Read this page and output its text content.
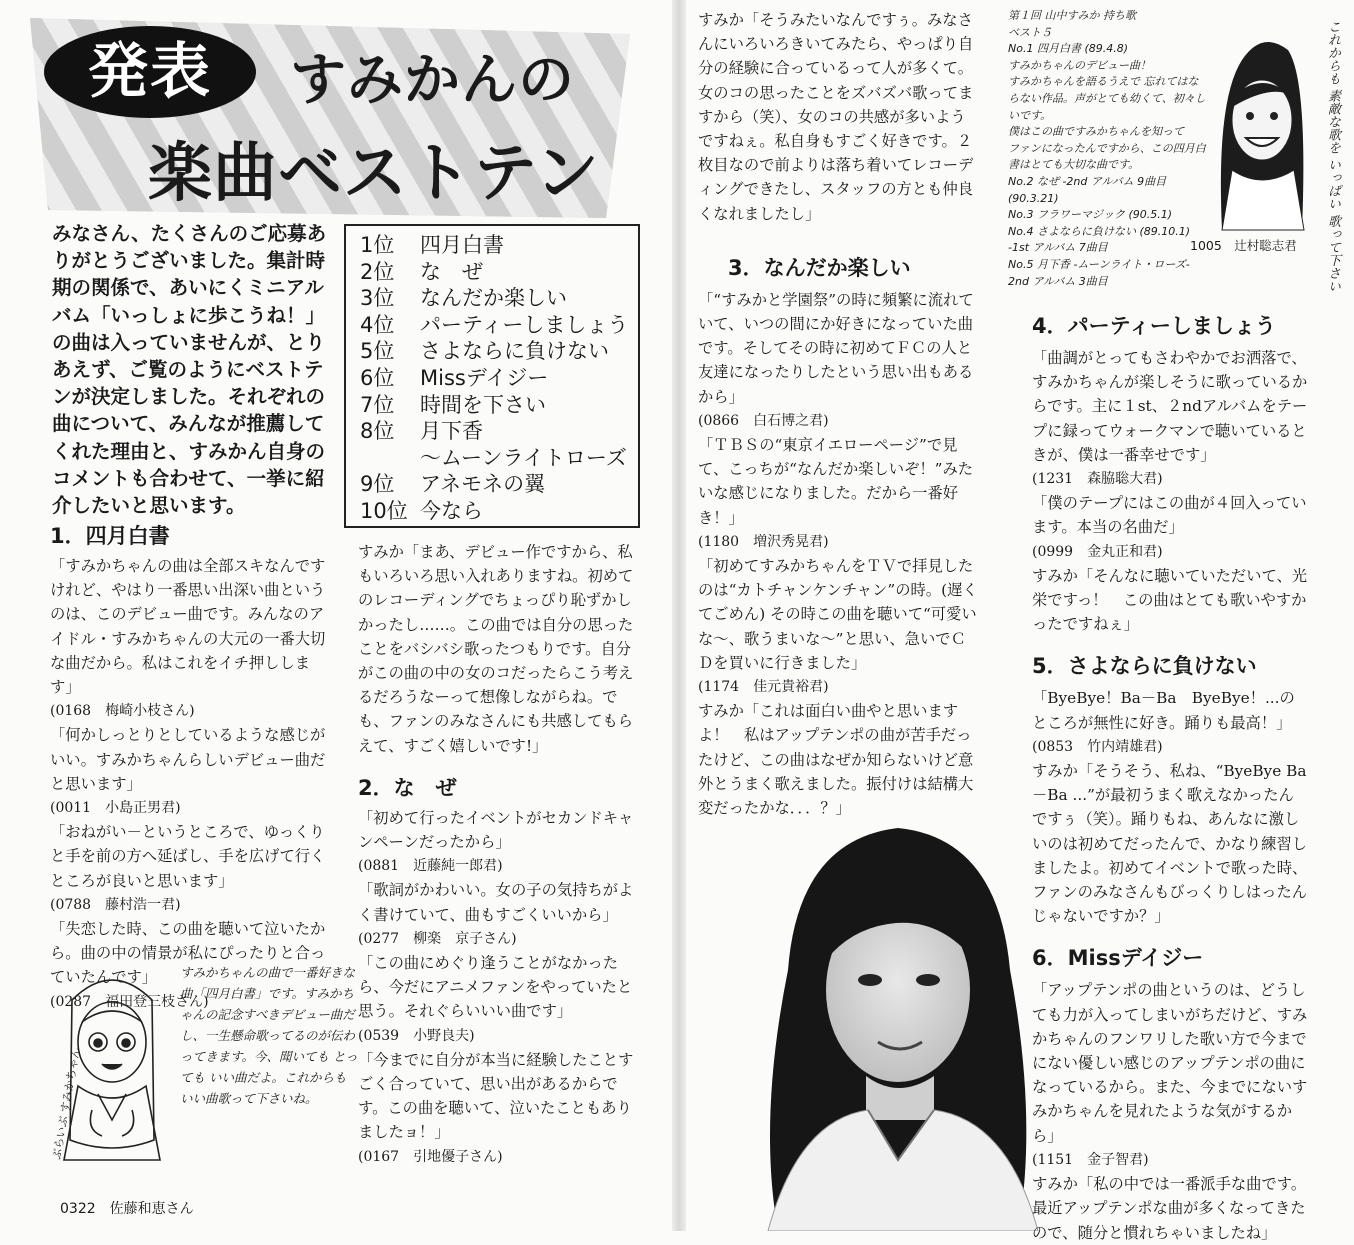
発表	すみかんの
楽曲ベストテン
みなさん、たくさんのご応募ありがとうございました。集計時期の関係で、あいにくミニアルバム「いっしょに歩こうね！」の曲は入っていませんが、とりあえず、ご覧のようにベストテンが決定しました。それぞれの曲について、みんなが推薦してくれた理由と、すみかん自身のコメントも合わせて、一挙に紹介したいと思います。
1位	四月白書
2位	な　ぜ
3位	なんだか楽しい
4位	パーティーしましょう
5位	さよならに負けない
6位	Missデイジー
7位	時間を下さい
8位	月下香
～ムーンライトローズ
9位	アネモネの翼
10位 今なら
1．四月白書

「すみかちゃんの曲は全部スキなんですけれど、やはり一番思い出深い曲というのは、このデビュー曲です。みんなのアイドル・すみかちゃんの大元の一番大切な曲だから。私はこれをイチ押しします」

(0168　梅崎小枝さん)

「何かしっとりとしているような感じがいい。すみかちゃんらしいデビュー曲だと思います」

(0011　小島正男君)

「おねがい－というところで、ゆっくりと手を前の方へ延ばし、手を広げて行くところが良いと思います」

(0788　藤村浩一君)

「失恋した時、この曲を聴いて泣いたから。曲の中の情景が私にぴったりと合っていたんです」

(0287　福田登三枝さん)

ぶらいぶ すみかちゃん
すみかちゃんの曲で一番好きな曲「四月白書」です。すみかちゃんの記念すべきデビュー曲だし、一生懸命歌ってるのが伝わってきます。今、聞いても とっても いい曲だよ。これからも いい曲歌って下さいね。
0322　佐藤和恵さん

すみか「まあ、デビュー作ですから、私もいろいろ思い入れありますね。初めてのレコーディングでちょっぴり恥ずかしかったし……。この曲では自分の思ったことをバシバシ歌ったつもりです。自分がこの曲の中の女のコだったらこう考えるだろうなーって想像しながらね。でも、ファンのみなさんにも共感してもらえて、すごく嬉しいです!」

2．な　ぜ

「初めて行ったイベントがセカンドキャンペーンだったから」

(0881　近藤純一郎君)

「歌詞がかわいい。女の子の気持ちがよく書けていて、曲もすごくいいから」

(0277　柳楽　京子さん)

「この曲にめぐり逢うことがなかったら、今だにアニメファンをやっていたと思う。それぐらいいい曲です」

(0539　小野良夫)

「今までに自分が本当に経験したことすごく合っていて、思い出があるからです。この曲を聴いて、泣いたこともありましたョ！」

(0167　引地優子さん)

すみか「そうみたいなんですぅ。みなさんにいろいろきいてみたら、やっぱり自分の経験に合っているって人が多くて。女のコの思ったことをズバズバ歌ってますから（笑）、女のコの共感が多いようですねぇ。私自身もすごく好きです。２枚目なので前よりは落ち着いてレコーディングできたし、スタッフの方とも仲良くなれましたし」

3．なんだか楽しい

「“すみかと学園祭”の時に頻繁に流れていて、いつの間にか好きになっていた曲です。そしてその時に初めてＦＣの人と友達になったりしたという思い出もあるから」

(0866　白石博之君)

「ＴＢＳの“東京イエローページ”で見て、こっちが“なんだか楽しいぞ！”みたいな感じになりました。だから一番好き！」

(1180　増沢秀晃君)

「初めてすみかちゃんをＴＶで拝見したのは“カトチャンケンチャン”の時。(遅くてごめん) その時この曲を聴いて“可愛いな～、歌うまいな～”と思い、急いでＣＤを買いに行きました」

(1174　佳元貴裕君)

すみか「これは面白い曲やと思いますよ！　私はアップテンポの曲が苦手だったけど、この曲はなぜか知らないけど意外とうまく歌えました。振付けは結構大変だったかな．．．？」

第１回 山中すみか 持ち歌
ベスト５
No.1 四月白書 (89.4.8)
すみかちゃんのデビュー曲！
すみかちゃんを語るうえで 忘れてはならない作品。声がとても幼くて、初々しいです。
僕はこの曲ですみかちゃんを知って
ファンになったんですから、この四月白書はとても大切な曲です。
No.2 なぜ -2nd アルバム 9曲目 (90.3.21)
No.3 フラワーマジック (90.5.1)
No.4 さよならに負けない (89.10.1) -1st アルバム 7曲目
No.5 月下香 -ムーンライト・ローズ- 2nd アルバム 3曲目
1005　辻村聡志君	これからも 素敵な歌を いっぱい 歌って下さい
4．パーティーしましょう

「曲調がとってもさわやかでお洒落で、すみかちゃんが楽しそうに歌っているからです。主に１st、２ndアルバムをテープに録ってウォークマンで聴いているときが、僕は一番幸せです」

(1231　森脇聡大君)

「僕のテープにはこの曲が４回入っています。本当の名曲だ」

(0999　金丸正和君)

すみか「そんなに聴いていただいて、光栄ですっ！　この曲はとても歌いやすかったですねぇ」

5．さよならに負けない

「ByeBye！Ba－Ba　ByeBye！...のところが無性に好き。踊りも最高！」

(0853　竹内靖雄君)

すみか「そうそう、私ね、“ByeBye Ba－Ba ...”が最初うまく歌えなかったんですぅ（笑）。踊りもね、あんなに激しいのは初めてだったんで、かなり練習しましたよ。初めてイベントで歌った時、ファンのみなさんもびっくりしはったんじゃないですか？」

6．Missデイジー

「アップテンポの曲というのは、どうしても力が入ってしまいがちだけど、すみかちゃんのフンワリした歌い方で今までにない優しい感じのアップテンポの曲になっているから。また、今までにないすみかちゃんを見れたような気がするから」

(1151　金子智君)

すみか「私の中では一番派手な曲です。最近アップテンポな曲が多くなってきたので、随分と慣れちゃいましたね」
